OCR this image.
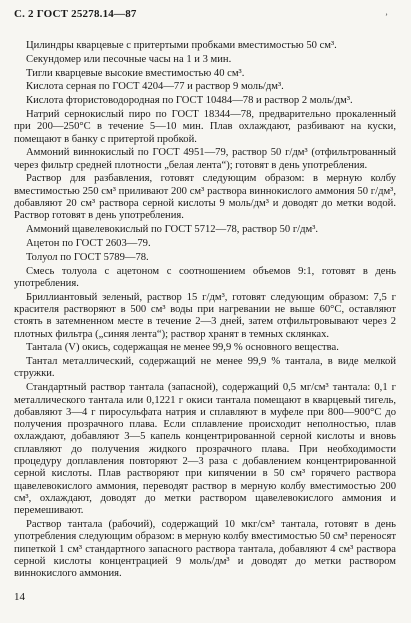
С. 2 ГОСТ 25278.14—87	ʼ

Цилиндры кварцевые с притертыми пробками вместимостью 50 см³.

Секундомер или песочные часы на 1 и 3 мин.

Тигли кварцевые высокие вместимостью 40 см³.

Кислота серная по ГОСТ 4204—77 и раствор 9 моль/дм³.

Кислота фтористоводородная по ГОСТ 10484—78 и раствор 2 моль/дм³.

Натрий сернокислый пиро по ГОСТ 18344—78, предварительно прокаленный при 200—250°С в течение 5—10 мин. Плав охлаждают, разбивают на куски, помещают в банку с притертой пробкой.

Аммоний виннокислый по ГОСТ 4951—79, раствор 50 г/дм³ (отфильтрованный через фильтр средней плотности „белая лента“); готовят в день употребления.

Раствор для разбавления, готовят следующим образом: в мерную колбу вместимостью 250 см³ приливают 200 см³ раствора виннокислого аммония 50 г/дм³, добавляют 20 см³ раствора серной кислоты 9 моль/дм³ и доводят до метки водой. Раствор готовят в день употребления.

Аммоний щавелевокислый по ГОСТ 5712—78, раствор 50 г/дм³.

Ацетон по ГОСТ 2603—79.

Толуол по ГОСТ 5789—78.

Смесь толуола с ацетоном с соотношением объемов 9:1, готовят в день употребления.

Бриллиантовый зеленый, раствор 15 г/дм³, готовят следующим образом: 7,5 г красителя растворяют в 500 см³ воды при нагревании не выше 60°С, оставляют стоять в затемненном месте в течение 2—3 дней, затем отфильтровывают через 2 плотных фильтра („синяя лента“); раствор хранят в темных склянках.

Тантала (V) окись, содержащая не менее 99,9 % основного вещества.

Тантал металлический, содержащий не менее 99,9 % тантала, в виде мелкой стружки.

Стандартный раствор тантала (запасной), содержащий 0,5 мг/см³ тантала: 0,1 г металлического тантала или 0,1221 г окиси тантала помещают в кварцевый тигель, добавляют 3—4 г пиросульфата натрия и сплавляют в муфеле при 800—900°С до получения прозрачного плава. Если сплавление происходит неполностью, плав охлаждают, добавляют 3—5 капель концентрированной серной кислоты и вновь сплавляют до получения жидкого прозрачного плава. При необходимости процедуру доплавления повторяют 2—3 раза с добавлением концентрированной серной кислоты. Плав растворяют при кипячении в 50 см³ горячего раствора щавелевокислого аммония, переводят раствор в мерную колбу вместимостью 200 см³, охлаждают, доводят до метки раствором щавелевокислого аммония и перемешивают.

Раствор тантала (рабочий), содержащий 10 мкг/см³ тантала, готовят в день употребления следующим образом: в мерную колбу вместимостью 50 см³ переносят пипеткой 1 см³ стандартного запасного раствора тантала, добавляют 4 см³ раствора серной кислоты концентрацией 9 моль/дм³ и доводят до метки раствором виннокислого аммония.

14
